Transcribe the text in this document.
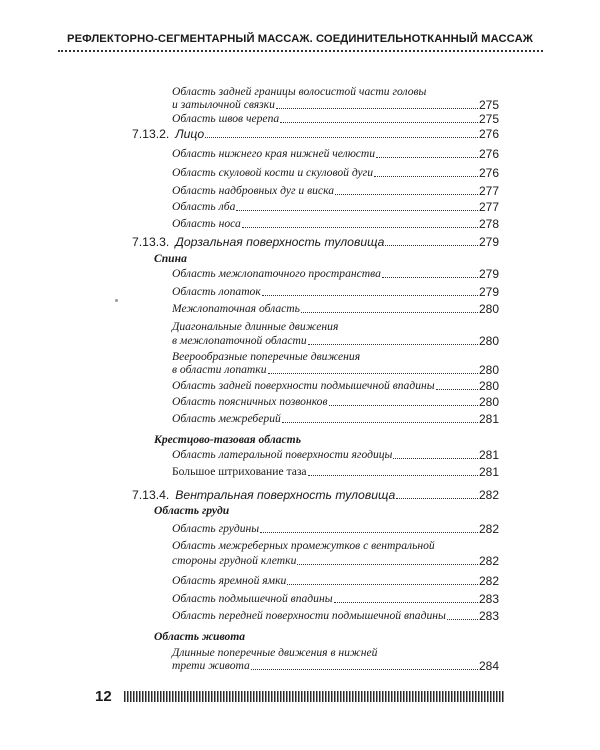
РЕФЛЕКТОРНО-СЕГМЕНТАРНЫЙ МАССАЖ. СОЕДИНИТЕЛЬНОТКАННЫЙ МАССАЖ
Область задней границы волосистой части головы
и затылочной связки	275
Область швов черепа	275
7.13.2. Лицо	276
Область нижнего края нижней челюсти	276
Область скуловой кости и скуловой дуги	276
Область надбровных дуг и виска	277
Область лба	277
Область носа	278
7.13.3. Дорзальная поверхность туловища	279
Спина
Область межлопаточного пространства	279
Область лопаток	279
Межлопаточная область	280
Диагональные длинные движения
в межлопаточной области	280
Веерообразные поперечные движения
в области лопатки	280
Область задней поверхности подмышечной впадины	280
Область поясничных позвонков	280
Область межреберий	281
Крестцово-тазовая область
Область латеральной поверхности ягодицы	281
Большое штрихование таза	281
7.13.4. Вентральная поверхность туловища	282
Область груди
Область грудины	282
Область межреберных промежутков с вентральной
стороны грудной клетки	282
Область яремной ямки	282
Область подмышечной впадины	283
Область передней поверхности подмышечной впадины	283
Область живота
Длинные поперечные движения в нижней
трети живота	284
12
